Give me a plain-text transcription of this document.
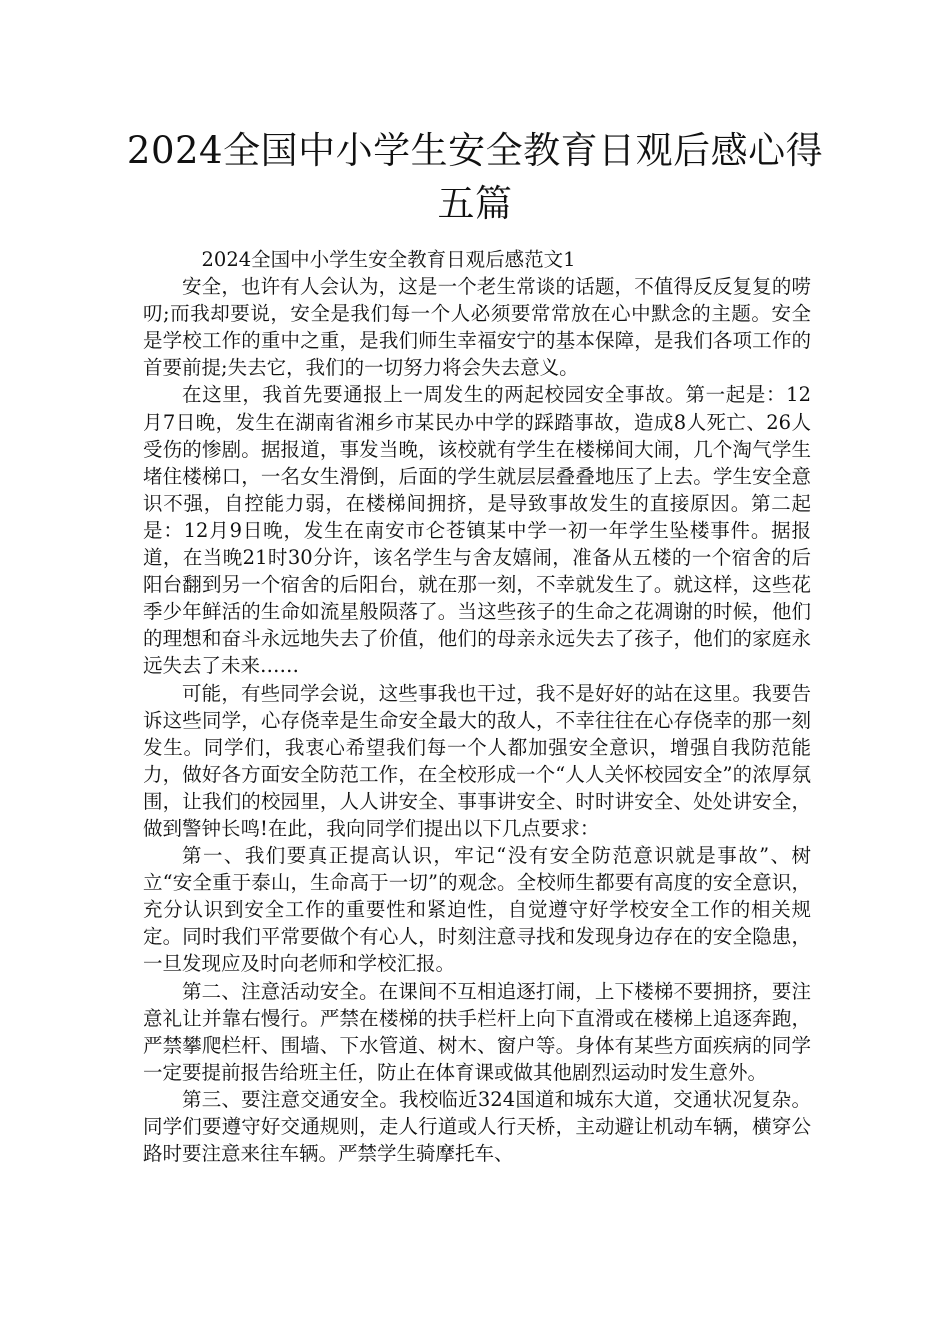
2024全国中小学生安全教育日观后感心得
五篇

2024全国中小学生安全教育日观后感范文1

安全，也许有人会认为，这是一个老生常谈的话题，不值得反反复复的唠叨;而我却要说，安全是我们每一个人必须要常常放在心中默念的主题。安全是学校工作的重中之重，是我们师生幸福安宁的基本保障，是我们各项工作的首要前提;失去它，我们的一切努力将会失去意义。

在这里，我首先要通报上一周发生的两起校园安全事故。第一起是：12月7日晚，发生在湖南省湘乡市某民办中学的踩踏事故，造成8人死亡、26人受伤的惨剧。据报道，事发当晚，该校就有学生在楼梯间大闹，几个淘气学生堵住楼梯口，一名女生滑倒，后面的学生就层层叠叠地压了上去。学生安全意识不强，自控能力弱，在楼梯间拥挤，是导致事故发生的直接原因。第二起是：12月9日晚，发生在南安市仑苍镇某中学一初一年学生坠楼事件。据报道，在当晚21时30分许，该名学生与舍友嬉闹，准备从五楼的一个宿舍的后阳台翻到另一个宿舍的后阳台，就在那一刻，不幸就发生了。就这样，这些花季少年鲜活的生命如流星般陨落了。当这些孩子的生命之花凋谢的时候，他们的理想和奋斗永远地失去了价值，他们的母亲永远失去了孩子，他们的家庭永远失去了未来……

可能，有些同学会说，这些事我也干过，我不是好好的站在这里。我要告诉这些同学，心存侥幸是生命安全最大的敌人，不幸往往在心存侥幸的那一刻发生。同学们，我衷心希望我们每一个人都加强安全意识，增强自我防范能力，做好各方面安全防范工作，在全校形成一个“人人关怀校园安全”的浓厚氛围，让我们的校园里，人人讲安全、事事讲安全、时时讲安全、处处讲安全，做到警钟长鸣!在此，我向同学们提出以下几点要求：

第一、我们要真正提高认识，牢记“没有安全防范意识就是事故”、树立“安全重于泰山，生命高于一切”的观念。全校师生都要有高度的安全意识，充分认识到安全工作的重要性和紧迫性，自觉遵守好学校安全工作的相关规定。同时我们平常要做个有心人，时刻注意寻找和发现身边存在的安全隐患，一旦发现应及时向老师和学校汇报。

第二、注意活动安全。在课间不互相追逐打闹，上下楼梯不要拥挤，要注意礼让并靠右慢行。严禁在楼梯的扶手栏杆上向下直滑或在楼梯上追逐奔跑，严禁攀爬栏杆、围墙、下水管道、树木、窗户等。身体有某些方面疾病的同学一定要提前报告给班主任，防止在体育课或做其他剧烈运动时发生意外。

第三、要注意交通安全。我校临近324国道和城东大道，交通状况复杂。同学们要遵守好交通规则，走人行道或人行天桥，主动避让机动车辆，横穿公路时要注意来往车辆。严禁学生骑摩托车、
